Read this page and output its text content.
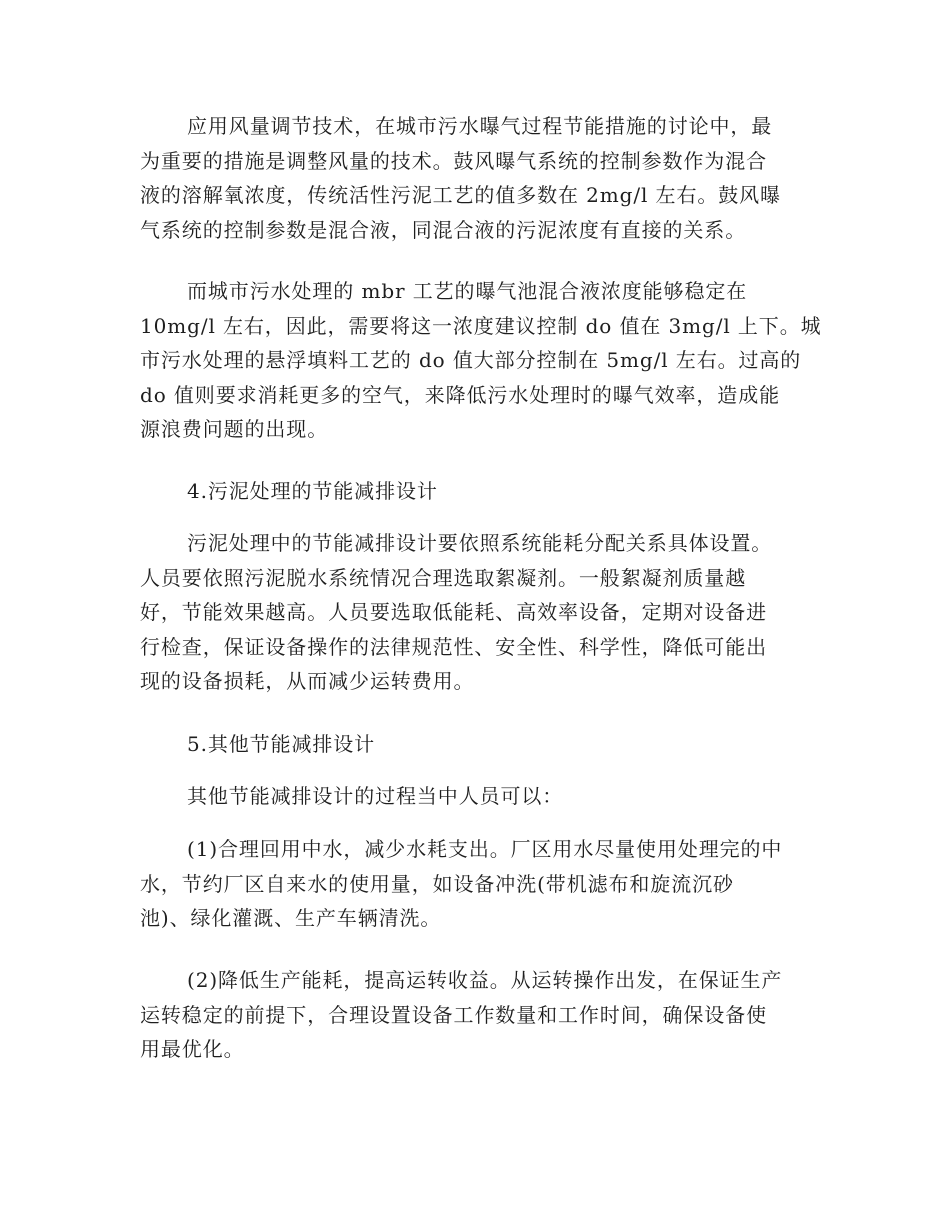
应用风量调节技术，在城市污水曝气过程节能措施的讨论中，最
为重要的措施是调整风量的技术。鼓风曝气系统的控制参数作为混合
液的溶解氧浓度，传统活性污泥工艺的值多数在 2mg/l 左右。鼓风曝
气系统的控制参数是混合液，同混合液的污泥浓度有直接的关系。
而城市污水处理的 mbr 工艺的曝气池混合液浓度能够稳定在
10mg/l 左右，因此，需要将这一浓度建议控制 do 值在 3mg/l 上下。城
市污水处理的悬浮填料工艺的 do 值大部分控制在 5mg/l 左右。过高的
do 值则要求消耗更多的空气，来降低污水处理时的曝气效率，造成能
源浪费问题的出现。
4.污泥处理的节能减排设计
污泥处理中的节能减排设计要依照系统能耗分配关系具体设置。
人员要依照污泥脱水系统情况合理选取絮凝剂。一般絮凝剂质量越
好，节能效果越高。人员要选取低能耗、高效率设备，定期对设备进
行检查，保证设备操作的法律规范性、安全性、科学性，降低可能出
现的设备损耗，从而减少运转费用。
5.其他节能减排设计
其他节能减排设计的过程当中人员可以：
(1)合理回用中水，减少水耗支出。厂区用水尽量使用处理完的中
水，节约厂区自来水的使用量，如设备冲洗(带机滤布和旋流沉砂
池)、绿化灌溉、生产车辆清洗。
(2)降低生产能耗，提高运转收益。从运转操作出发，在保证生产
运转稳定的前提下，合理设置设备工作数量和工作时间，确保设备使
用最优化。
